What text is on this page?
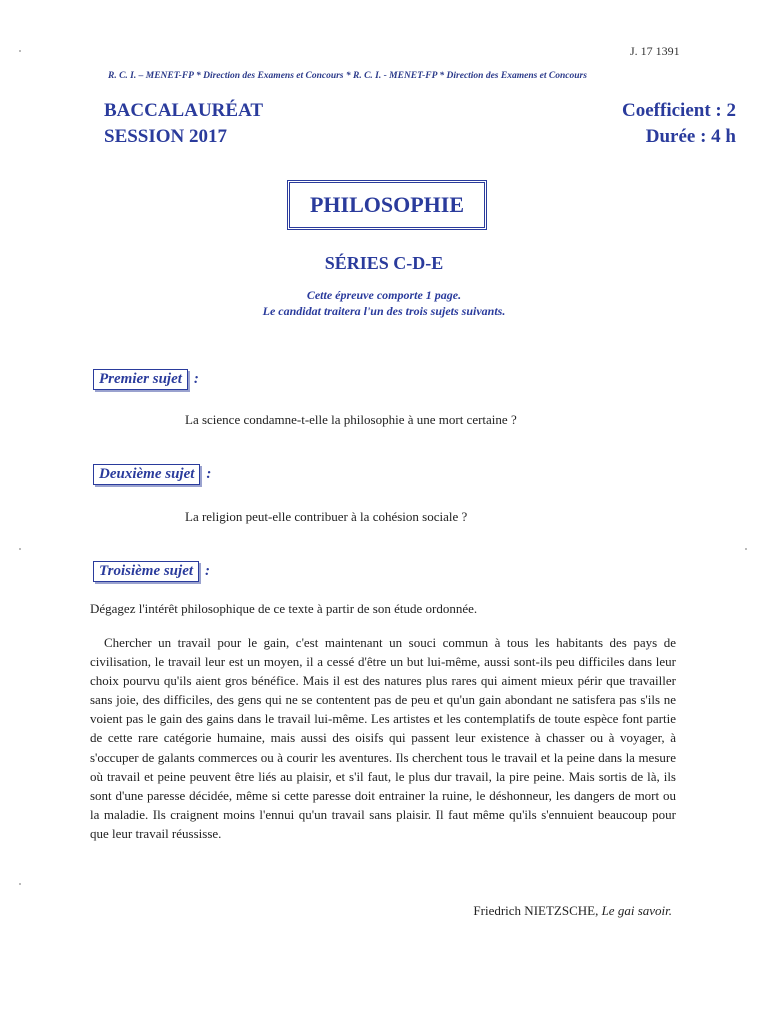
J. 17 1391
R. C. I. – MENET-FP * Direction des Examens et Concours * R. C. I. - MENET-FP * Direction des Examens et Concours
BACCALAURÉAT
SESSION 2017
Coefficient : 2
Durée : 4 h
PHILOSOPHIE
SÉRIES C-D-E
Cette épreuve comporte 1 page.
Le candidat traitera l'un des trois sujets suivants.
Premier sujet :
La science condamne-t-elle la philosophie à une mort certaine ?
Deuxième sujet :
La religion peut-elle contribuer à la cohésion sociale ?
Troisième sujet :
Dégagez l'intérêt philosophique de ce texte à partir de son étude ordonnée.
Chercher un travail pour le gain, c'est maintenant un souci commun à tous les habitants des pays de civilisation, le travail leur est un moyen, il a cessé d'être un but lui-même, aussi sont-ils peu difficiles dans leur choix pourvu qu'ils aient gros bénéfice. Mais il est des natures plus rares qui aiment mieux périr que travailler sans joie, des difficiles, des gens qui ne se contentent pas de peu et qu'un gain abondant ne satisfera pas s'ils ne voient pas le gain des gains dans le travail lui-même. Les artistes et les contemplatifs de toute espèce font partie de cette rare catégorie humaine, mais aussi des oisifs qui passent leur existence à chasser ou à voyager, à s'occuper de galants commerces ou à courir les aventures. Ils cherchent tous le travail et la peine dans la mesure où travail et peine peuvent être liés au plaisir, et s'il faut, le plus dur travail, la pire peine. Mais sortis de là, ils sont d'une paresse décidée, même si cette paresse doit entrainer la ruine, le déshonneur, les dangers de mort ou la maladie. Ils craignent moins l'ennui qu'un travail sans plaisir. Il faut même qu'ils s'ennuient beaucoup pour que leur travail réussisse.
Friedrich NIETZSCHE, Le gai savoir.
